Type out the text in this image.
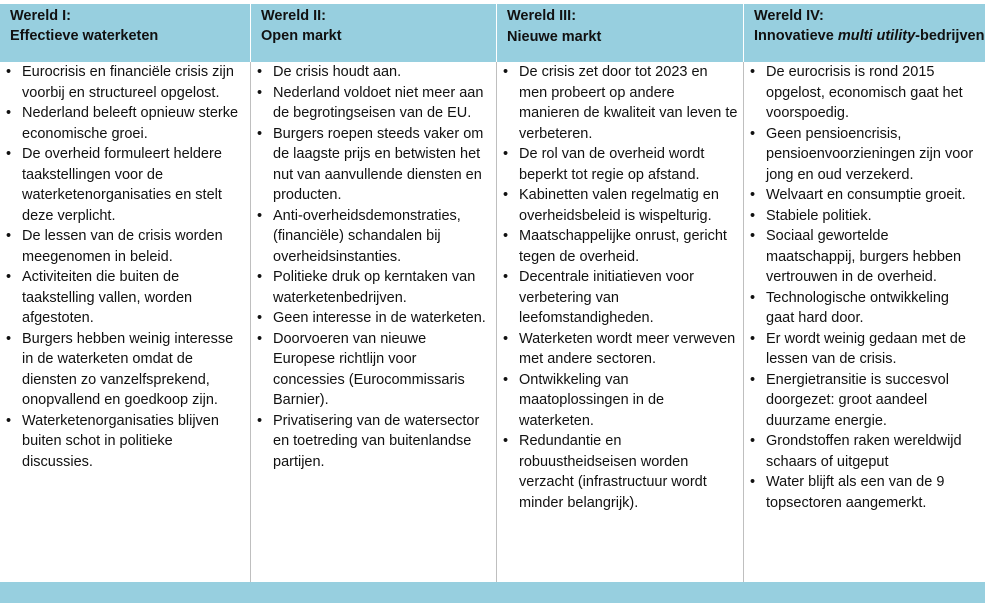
Wereld I:
Effectieve waterketen
• Eurocrisis en financiële crisis zijn voorbij en structureel opgelost.
• Nederland beleeft opnieuw sterke economische groei.
• De overheid formuleert heldere taakstellingen voor de waterketenorganisaties en stelt deze verplicht.
• De lessen van de crisis worden meegenomen in beleid.
• Activiteiten die buiten de taakstelling vallen, worden afgestoten.
• Burgers hebben weinig interesse in de waterketen omdat de diensten zo vanzelfsprekend, onopvallend en goedkoop zijn.
• Waterketenorganisaties blijven buiten schot in politieke discussies.
Wereld II:
Open markt
• De crisis houdt aan.
• Nederland voldoet niet meer aan de begrotingseisen van de EU.
• Burgers roepen steeds vaker om de laagste prijs en betwisten het nut van aanvullende diensten en producten.
• Anti-overheidsdemonstraties, (financiële) schandalen bij overheidsinstanties.
• Politieke druk op kerntaken van waterketenbedrijven.
• Geen interesse in de waterketen.
• Doorvoeren van nieuwe Europese richtlijn voor concessies (Eurocommissaris Barnier).
• Privatisering van de watersector en toetreding van buitenlandse partijen.
Wereld III:
Nieuwe markt
• De crisis zet door tot 2023 en men probeert op andere manieren de kwaliteit van leven te verbeteren.
• De rol van de overheid wordt beperkt tot regie op afstand.
• Kabinetten valen regelmatig en overheidsbeleid is wispelturig.
• Maatschappelijke onrust, gericht tegen de overheid.
• Decentrale initiatieven voor verbetering van leefomstandigheden.
• Waterketen wordt meer verweven met andere sectoren.
• Ontwikkeling van maatoplossingen in de waterketen.
• Redundantie en robuustheidseisen worden verzacht (infrastructuur wordt minder belangrijk).
Wereld IV:
Innovatieve multi utility-bedrijven
• De eurocrisis is rond 2015 opgelost, economisch gaat het voorspoedig.
• Geen pensioencrisis, pensioenvoorzieningen zijn voor jong en oud verzekerd.
• Welvaart en consumptie groeit.
• Stabiele politiek.
• Sociaal gewortelde maatschappij, burgers hebben vertrouwen in de overheid.
• Technologische ontwikkeling gaat hard door.
• Er wordt weinig gedaan met de lessen van de crisis.
• Energietransitie is succesvol doorgezet: groot aandeel duurzame energie.
• Grondstoffen raken wereldwijd schaars of uitgeput
• Water blijft als een van de 9 topsectoren aangemerkt.
